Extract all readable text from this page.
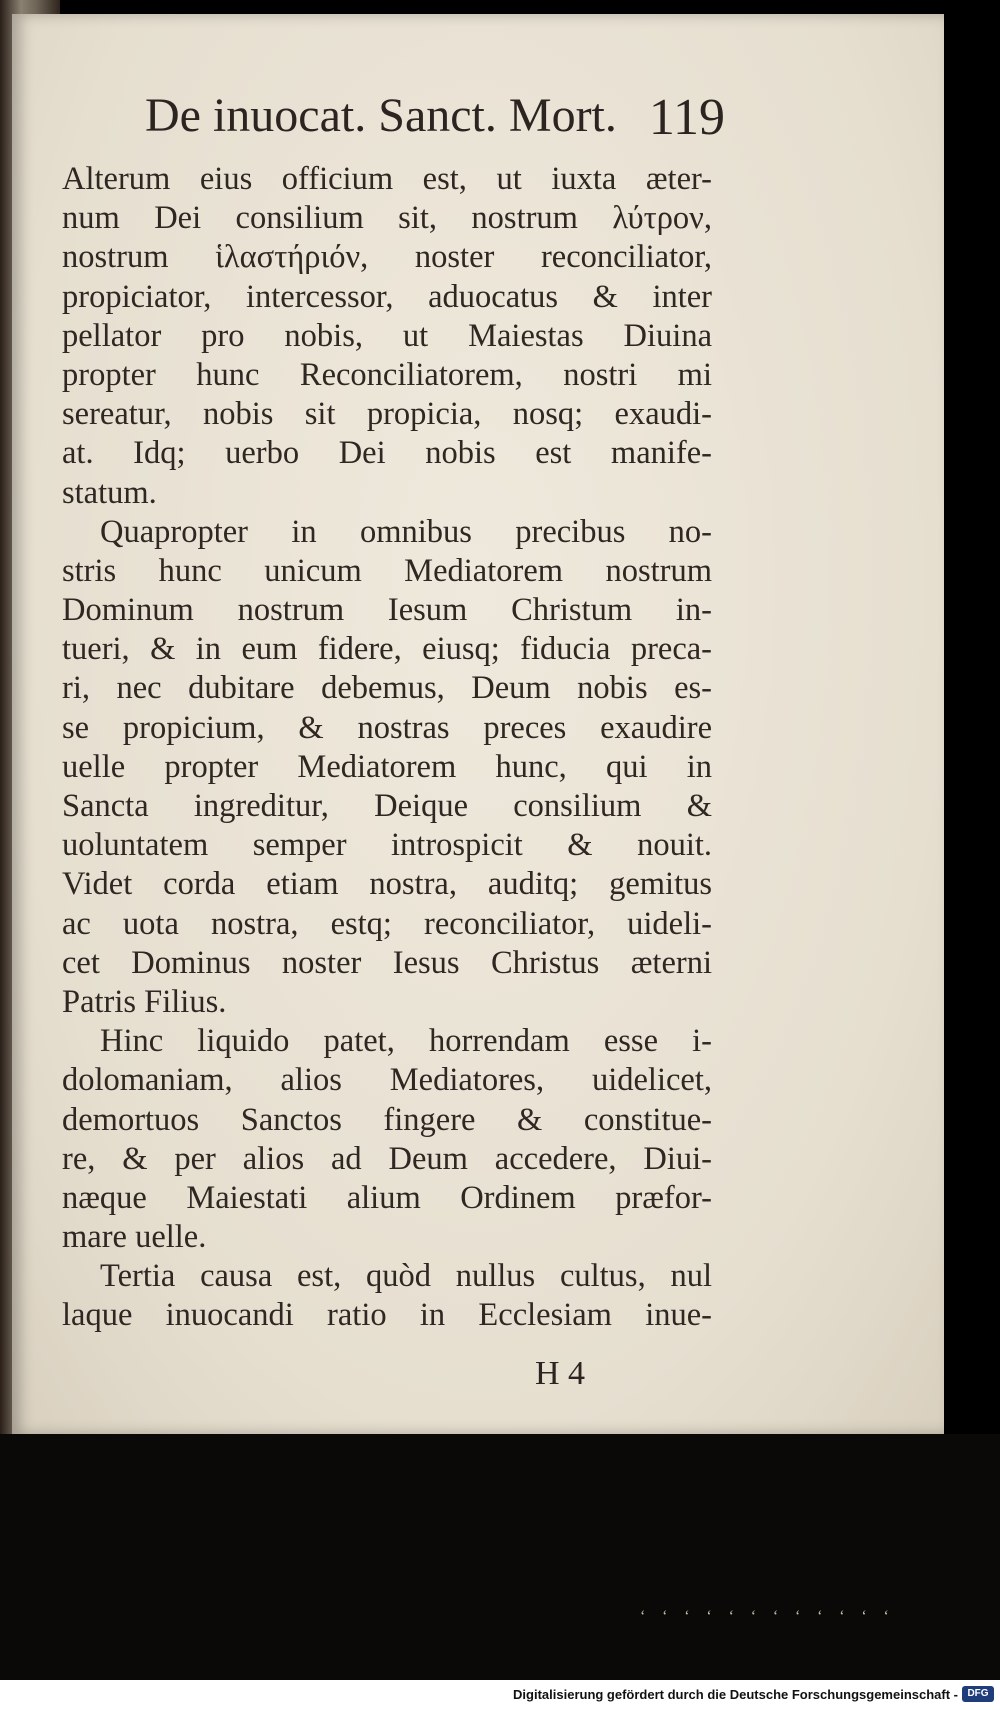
De inuocat. Sanct. Mort. 119
Alterum eius officium est, ut iuxta æter-
num Dei consilium sit, nostrum λύτρον,
nostrum ἱλαστήριόν, noster reconciliator,
propiciator, intercessor, aduocatus & inter
pellator pro nobis, ut Maiestas Diuina
propter hunc Reconciliatorem, nostri mi
sereatur, nobis sit propicia, nosq; exaudi-
at. Idq; uerbo Dei nobis est manife-
statum.
Quapropter in omnibus precibus no-
stris hunc unicum Mediatorem nostrum
Dominum nostrum Iesum Christum in-
tueri, & in eum fidere, eiusq; fiducia preca-
ri, nec dubitare debemus, Deum nobis es-
se propicium, & nostras preces exaudire
uelle propter Mediatorem hunc, qui in
Sancta ingreditur, Deique consilium &
uoluntatem semper introspicit & nouit.
Videt corda etiam nostra, auditq; gemitus
ac uota nostra, estq; reconciliator, uideli-
cet Dominus noster Iesus Christus æterni
Patris Filius.
Hinc liquido patet, horrendam esse i-
dolomaniam, alios Mediatores, uidelicet,
demortuos Sanctos fingere & constitue-
re, & per alios ad Deum accedere, Diui-
næque Maiestati alium Ordinem præfor-
mare uelle.
Tertia causa est, quòd nullus cultus, nul
laque inuocandi ratio in Ecclesiam inue-
H 4
‘‘‘‘‘‘‘‘‘‘‘‘
Digitalisierung gefördert durch die Deutsche Forschungsgemeinschaft - DFG
